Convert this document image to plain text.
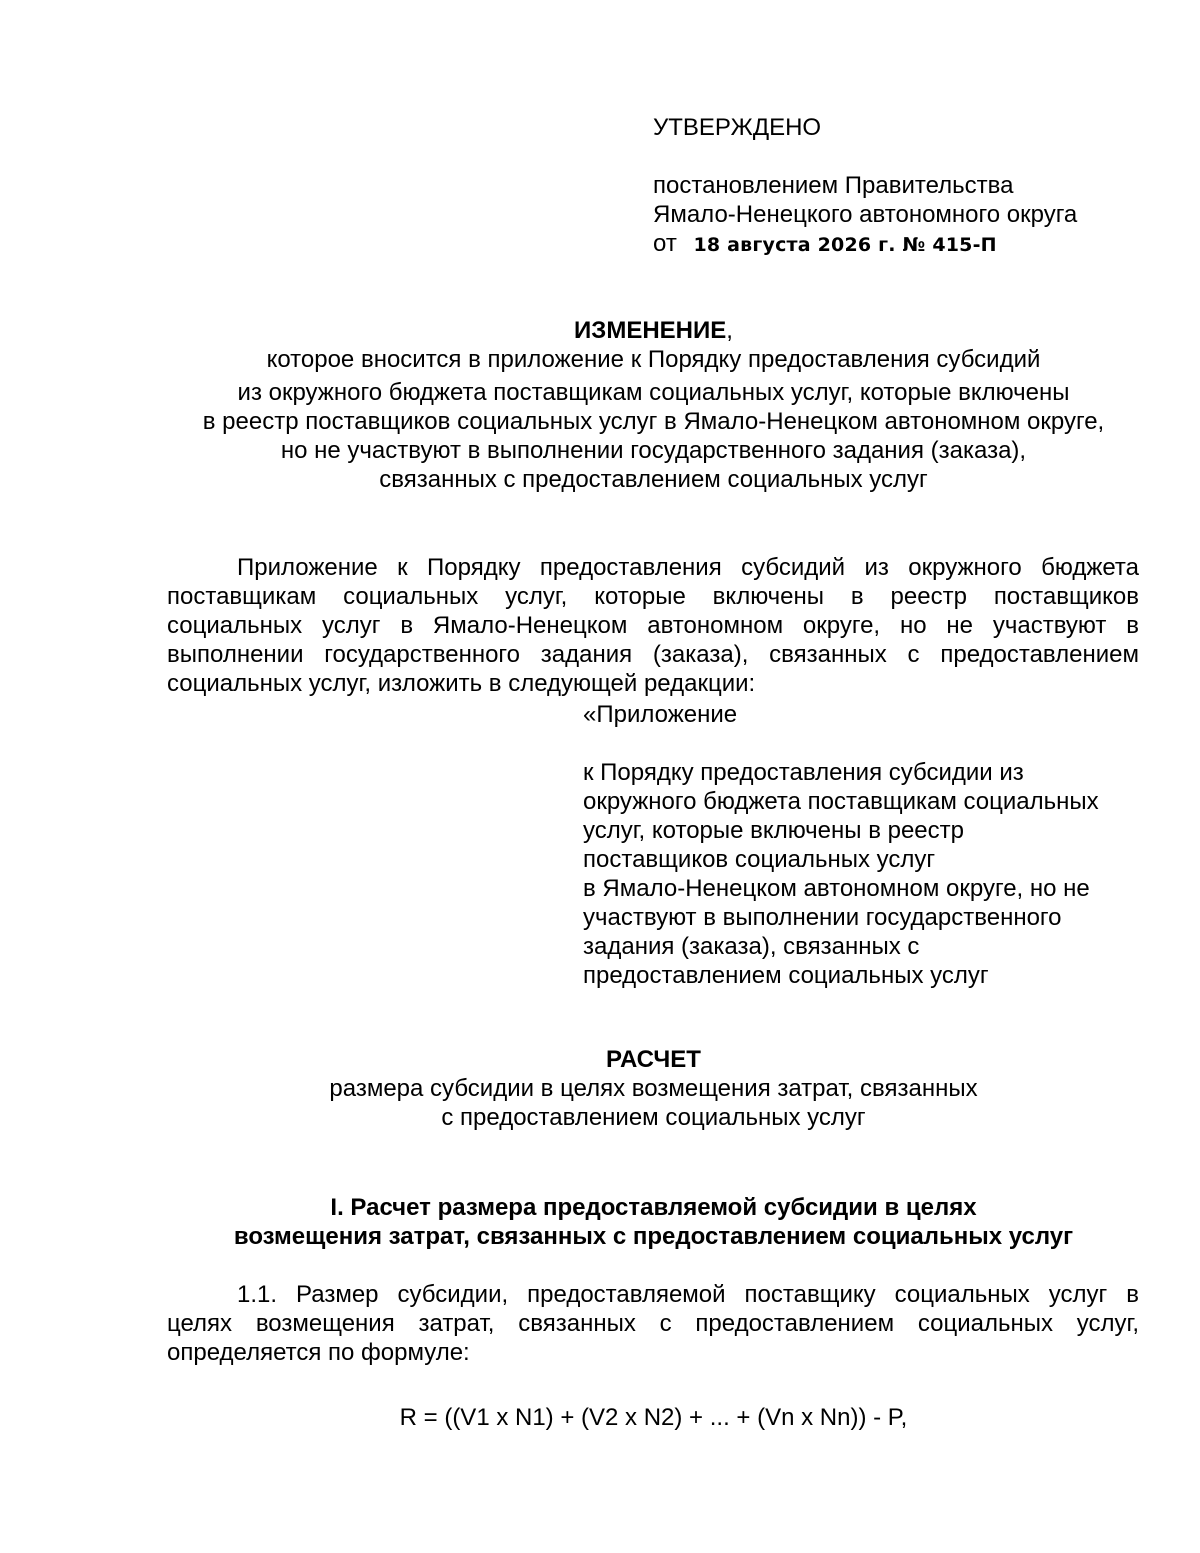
УТВЕРЖДЕНО
постановлением Правительства
Ямало-Ненецкого автономного округа
от 18 августа 2026 г. № 415-П
ИЗМЕНЕНИЕ,
которое вносится в приложение к Порядку предоставления субсидий
из окружного бюджета поставщикам социальных услуг, которые включены
в реестр поставщиков социальных услуг в Ямало-Ненецком автономном округе,
но не участвуют в выполнении государственного задания (заказа),
связанных с предоставлением социальных услуг
Приложение к Порядку предоставления субсидий из окружного бюджета
поставщикам социальных услуг, которые включены в реестр поставщиков
социальных услуг в Ямало-Ненецком автономном округе, но не участвуют в
выполнении государственного задания (заказа), связанных с предоставлением
социальных услуг, изложить в следующей редакции:
«Приложение
к Порядку предоставления субсидии из
окружного бюджета поставщикам социальных
услуг, которые включены в реестр
поставщиков социальных услуг
в Ямало-Ненецком автономном округе, но не
участвуют в выполнении государственного
задания (заказа), связанных с
предоставлением социальных услуг
РАСЧЕТ
размера субсидии в целях возмещения затрат, связанных
с предоставлением социальных услуг
I. Расчет размера предоставляемой субсидии в целях
возмещения затрат, связанных с предоставлением социальных услуг
1.1. Размер субсидии, предоставляемой поставщику социальных услуг в
целях возмещения затрат, связанных с предоставлением социальных услуг,
определяется по формуле:
R = ((V1 x N1) + (V2 x N2) + ... + (Vn x Nn)) - P,
